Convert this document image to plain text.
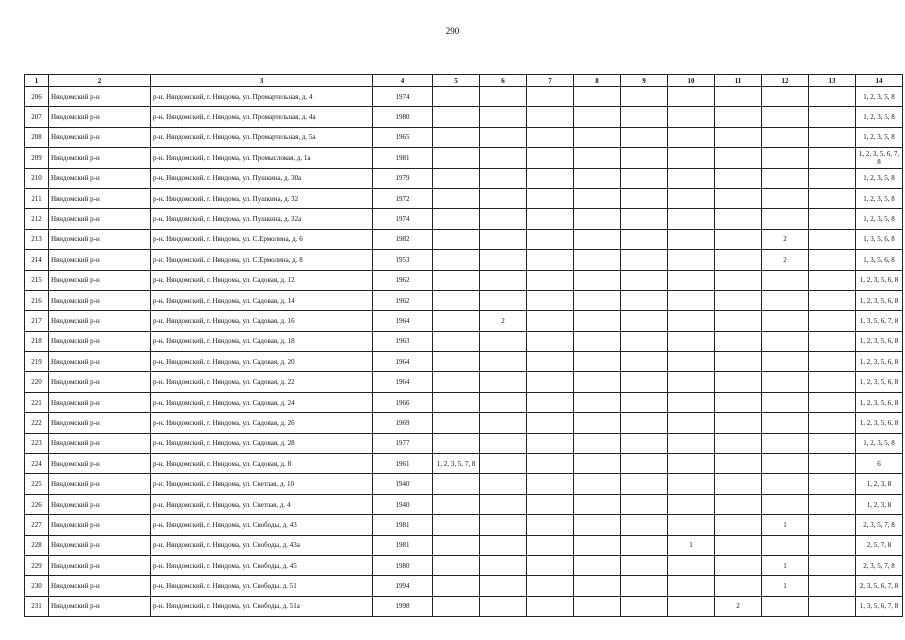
290
1	2	3	4	5	6	7	8	9	10	11	12	13	14
206	Няндомский р-н	р-н. Няндомский, г. Няндома, ул. Промартельная, д. 4	1974										1, 2, 3, 5, 8
207	Няндомский р-н	р-н. Няндомский, г. Няндома, ул. Промартельная, д. 4а	1980										1, 2, 3, 5, 8
208	Няндомский р-н	р-н. Няндомский, г. Няндома, ул. Промартельная, д. 5а	1965										1, 2, 3, 5, 8
209	Няндомский р-н	р-н. Няндомский, г. Няндома, ул. Промысловая, д. 1а	1981										1, 2, 3, 5, 6, 7, 8
210	Няндомский р-н	р-н. Няндомский, г. Няндома, ул. Пушкина, д. 30а	1979										1, 2, 3, 5, 8
211	Няндомский р-н	р-н. Няндомский, г. Няндома, ул. Пушкина, д. 32	1972										1, 2, 3, 5, 8
212	Няндомский р-н	р-н. Няндомский, г. Няндома, ул. Пушкина, д. 32а	1974										1, 2, 3, 5, 8
213	Няндомский р-н	р-н. Няндомский, г. Няндома, ул. С.Ермолина, д. 6	1982								2		1, 3, 5, 6, 8
214	Няндомский р-н	р-н. Няндомский, г. Няндома, ул. С.Ермолина, д. 8	1953								2		1, 3, 5, 6, 8
215	Няндомский р-н	р-н. Няндомский, г. Няндома, ул. Садовая, д. 12	1962										1, 2, 3, 5, 6, 8
216	Няндомский р-н	р-н. Няндомский, г. Няндома, ул. Садовая, д. 14	1962										1, 2, 3, 5, 6, 8
217	Няндомский р-н	р-н. Няндомский, г. Няндома, ул. Садовая, д. 16	1964		2								1, 3, 5, 6, 7, 8
218	Няндомский р-н	р-н. Няндомский, г. Няндома, ул. Садовая, д. 18	1963										1, 2, 3, 5, 6, 8
219	Няндомский р-н	р-н. Няндомский, г. Няндома, ул. Садовая, д. 20	1964										1, 2, 3, 5, 6, 8
220	Няндомский р-н	р-н. Няндомский, г. Няндома, ул. Садовая, д. 22	1964										1, 2, 3, 5, 6, 8
221	Няндомский р-н	р-н. Няндомский, г. Няндома, ул. Садовая, д. 24	1966										1, 2, 3, 5, 6, 8
222	Няндомский р-н	р-н. Няндомский, г. Няндома, ул. Садовая, д. 26	1969										1, 2, 3, 5, 6, 8
223	Няндомский р-н	р-н. Няндомский, г. Няндома, ул. Садовая, д. 28	1977										1, 2, 3, 5, 8
224	Няндомский р-н	р-н. Няндомский, г. Няндома, ул. Садовая, д. 8	1961	1, 2, 3, 5, 7, 8									6
225	Няндомский р-н	р-н. Няндомский, г. Няндома, ул. Светлая, д. 10	1940										1, 2, 3, 8
226	Няндомский р-н	р-н. Няндомский, г. Няндома, ул. Светлая, д. 4	1940										1, 2, 3, 8
227	Няндомский р-н	р-н. Няндомский, г. Няндома, ул. Свободы, д. 43	1981								1		2, 3, 5, 7, 8
228	Няндомский р-н	р-н. Няндомский, г. Няндома, ул. Свободы, д. 43а	1981						1				2, 5, 7, 8
229	Няндомский р-н	р-н. Няндомский, г. Няндома, ул. Свободы, д. 45	1980								1		2, 3, 5, 7, 8
230	Няндомский р-н	р-н. Няндомский, г. Няндома, ул. Свободы, д. 51	1994								1		2, 3, 5, 6, 7, 8
231	Няндомский р-н	р-н. Няндомский, г. Няндома, ул. Свободы, д. 51а	1998							2			1, 3, 5, 6, 7, 8
